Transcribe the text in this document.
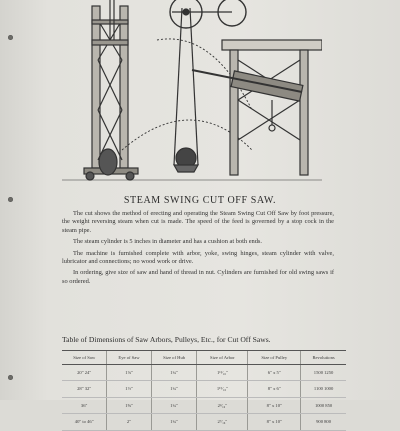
STEAM SWING CUT OFF SAW.

The cut shows the method of erecting and operating the Steam Swing Cut Off Saw by foot pressure, the weight reversing steam when cut is made. The speed of the feed is governed by a stop cock in the steam pipe.

The steam cylinder is 5 inches in diameter and has a cushion at both ends.

The machine is furnished complete with arbor, yoke, swing hinges, steam cylinder with valve, lubricator and connections; no wood work or drive.

In ordering, give size of saw and hand of thread in nut. Cylinders are furnished for old swing saws if so ordered.

Table of Dimensions of Saw Arbors, Pulleys, Etc., for Cut Off Saws.
Size of Saw	Eye of Saw	Size of Hub	Size of Arbor	Size of Pulley	Revolutions
20" 24"	1⅛"	1¾"	1¹¹⁄₁₆"	6" x 5"	1500 1250
28" 32"	1½"	1¾"	1¹⁵⁄₁₆"	8" x 6"	1100 1000
36"	1⅝"	1¾"	2³⁄₁₆"	8" x 10"	1000 850
40" to 46"	2"	1¾"	2⁷⁄₁₆"	8" x 10"	900 800
